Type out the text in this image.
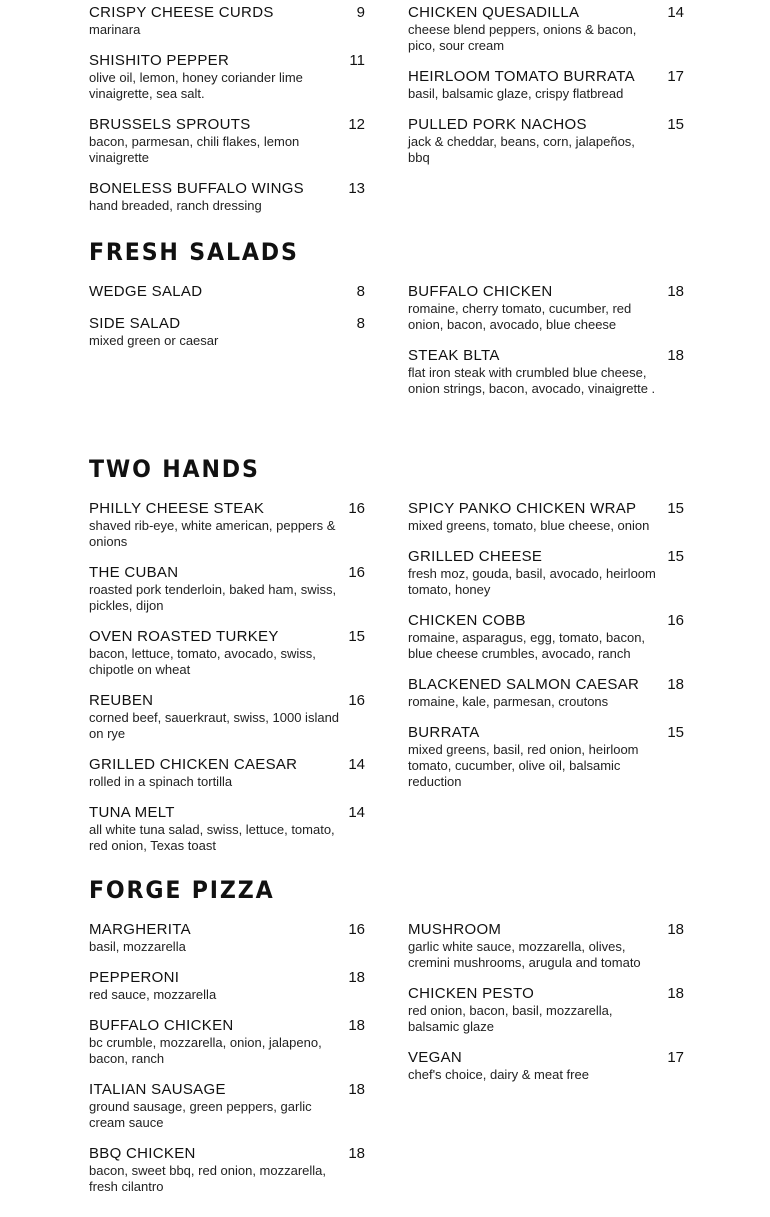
CRISPY CHEESE CURDS	9
marinara
SHISHITO PEPPER	11
olive oil, lemon, honey coriander lime vinaigrette, sea salt.
BRUSSELS SPROUTS	12
bacon, parmesan, chili flakes, lemon vinaigrette
BONELESS BUFFALO WINGS	13
hand breaded, ranch dressing
CHICKEN QUESADILLA	14
cheese blend peppers, onions & bacon, pico, sour cream
HEIRLOOM TOMATO BURRATA 17
basil, balsamic glaze, crispy flatbread
PULLED PORK NACHOS	15
jack & cheddar, beans, corn, jalapeños, bbq
FRESH SALADS
WEDGE SALAD	8
SIDE SALAD	8
mixed green or caesar
BUFFALO CHICKEN	18
romaine, cherry tomato, cucumber, red onion, bacon, avocado, blue cheese
STEAK BLTA	18
flat iron steak with crumbled blue cheese, onion strings, bacon, avocado, vinaigrette .
TWO HANDS
PHILLY CHEESE STEAK	16
shaved rib-eye, white american, peppers & onions
THE CUBAN	16
roasted pork tenderloin, baked ham, swiss, pickles, dijon
OVEN ROASTED TURKEY	15
bacon, lettuce, tomato, avocado, swiss, chipotle on wheat
REUBEN	16
corned beef, sauerkraut, swiss, 1000 island on rye
GRILLED CHICKEN CAESAR	14
rolled in a spinach tortilla
TUNA MELT	14
all white tuna salad, swiss, lettuce, tomato, red onion, Texas toast
SPICY PANKO CHICKEN WRAP 15
mixed greens, tomato, blue cheese, onion
GRILLED CHEESE	15
fresh moz, gouda, basil, avocado, heirloom tomato, honey
CHICKEN COBB	16
romaine, asparagus, egg, tomato, bacon, blue cheese crumbles, avocado, ranch
BLACKENED SALMON CAESAR 18
romaine, kale, parmesan, croutons
BURRATA	15
mixed greens, basil, red onion, heirloom tomato, cucumber, olive oil, balsamic reduction
FORGE PIZZA
MARGHERITA	16
basil, mozzarella
PEPPERONI	18
red sauce, mozzarella
BUFFALO CHICKEN	18
bc crumble, mozzarella, onion, jalapeno, bacon, ranch
ITALIAN SAUSAGE	18
ground sausage, green peppers, garlic cream sauce
BBQ CHICKEN	18
bacon, sweet bbq, red onion, mozzarella, fresh cilantro
MUSHROOM	18
garlic white sauce, mozzarella, olives, cremini mushrooms, arugula and tomato
CHICKEN PESTO	18
red onion, bacon, basil, mozzarella, balsamic glaze
VEGAN	17
chef's choice, dairy & meat free
